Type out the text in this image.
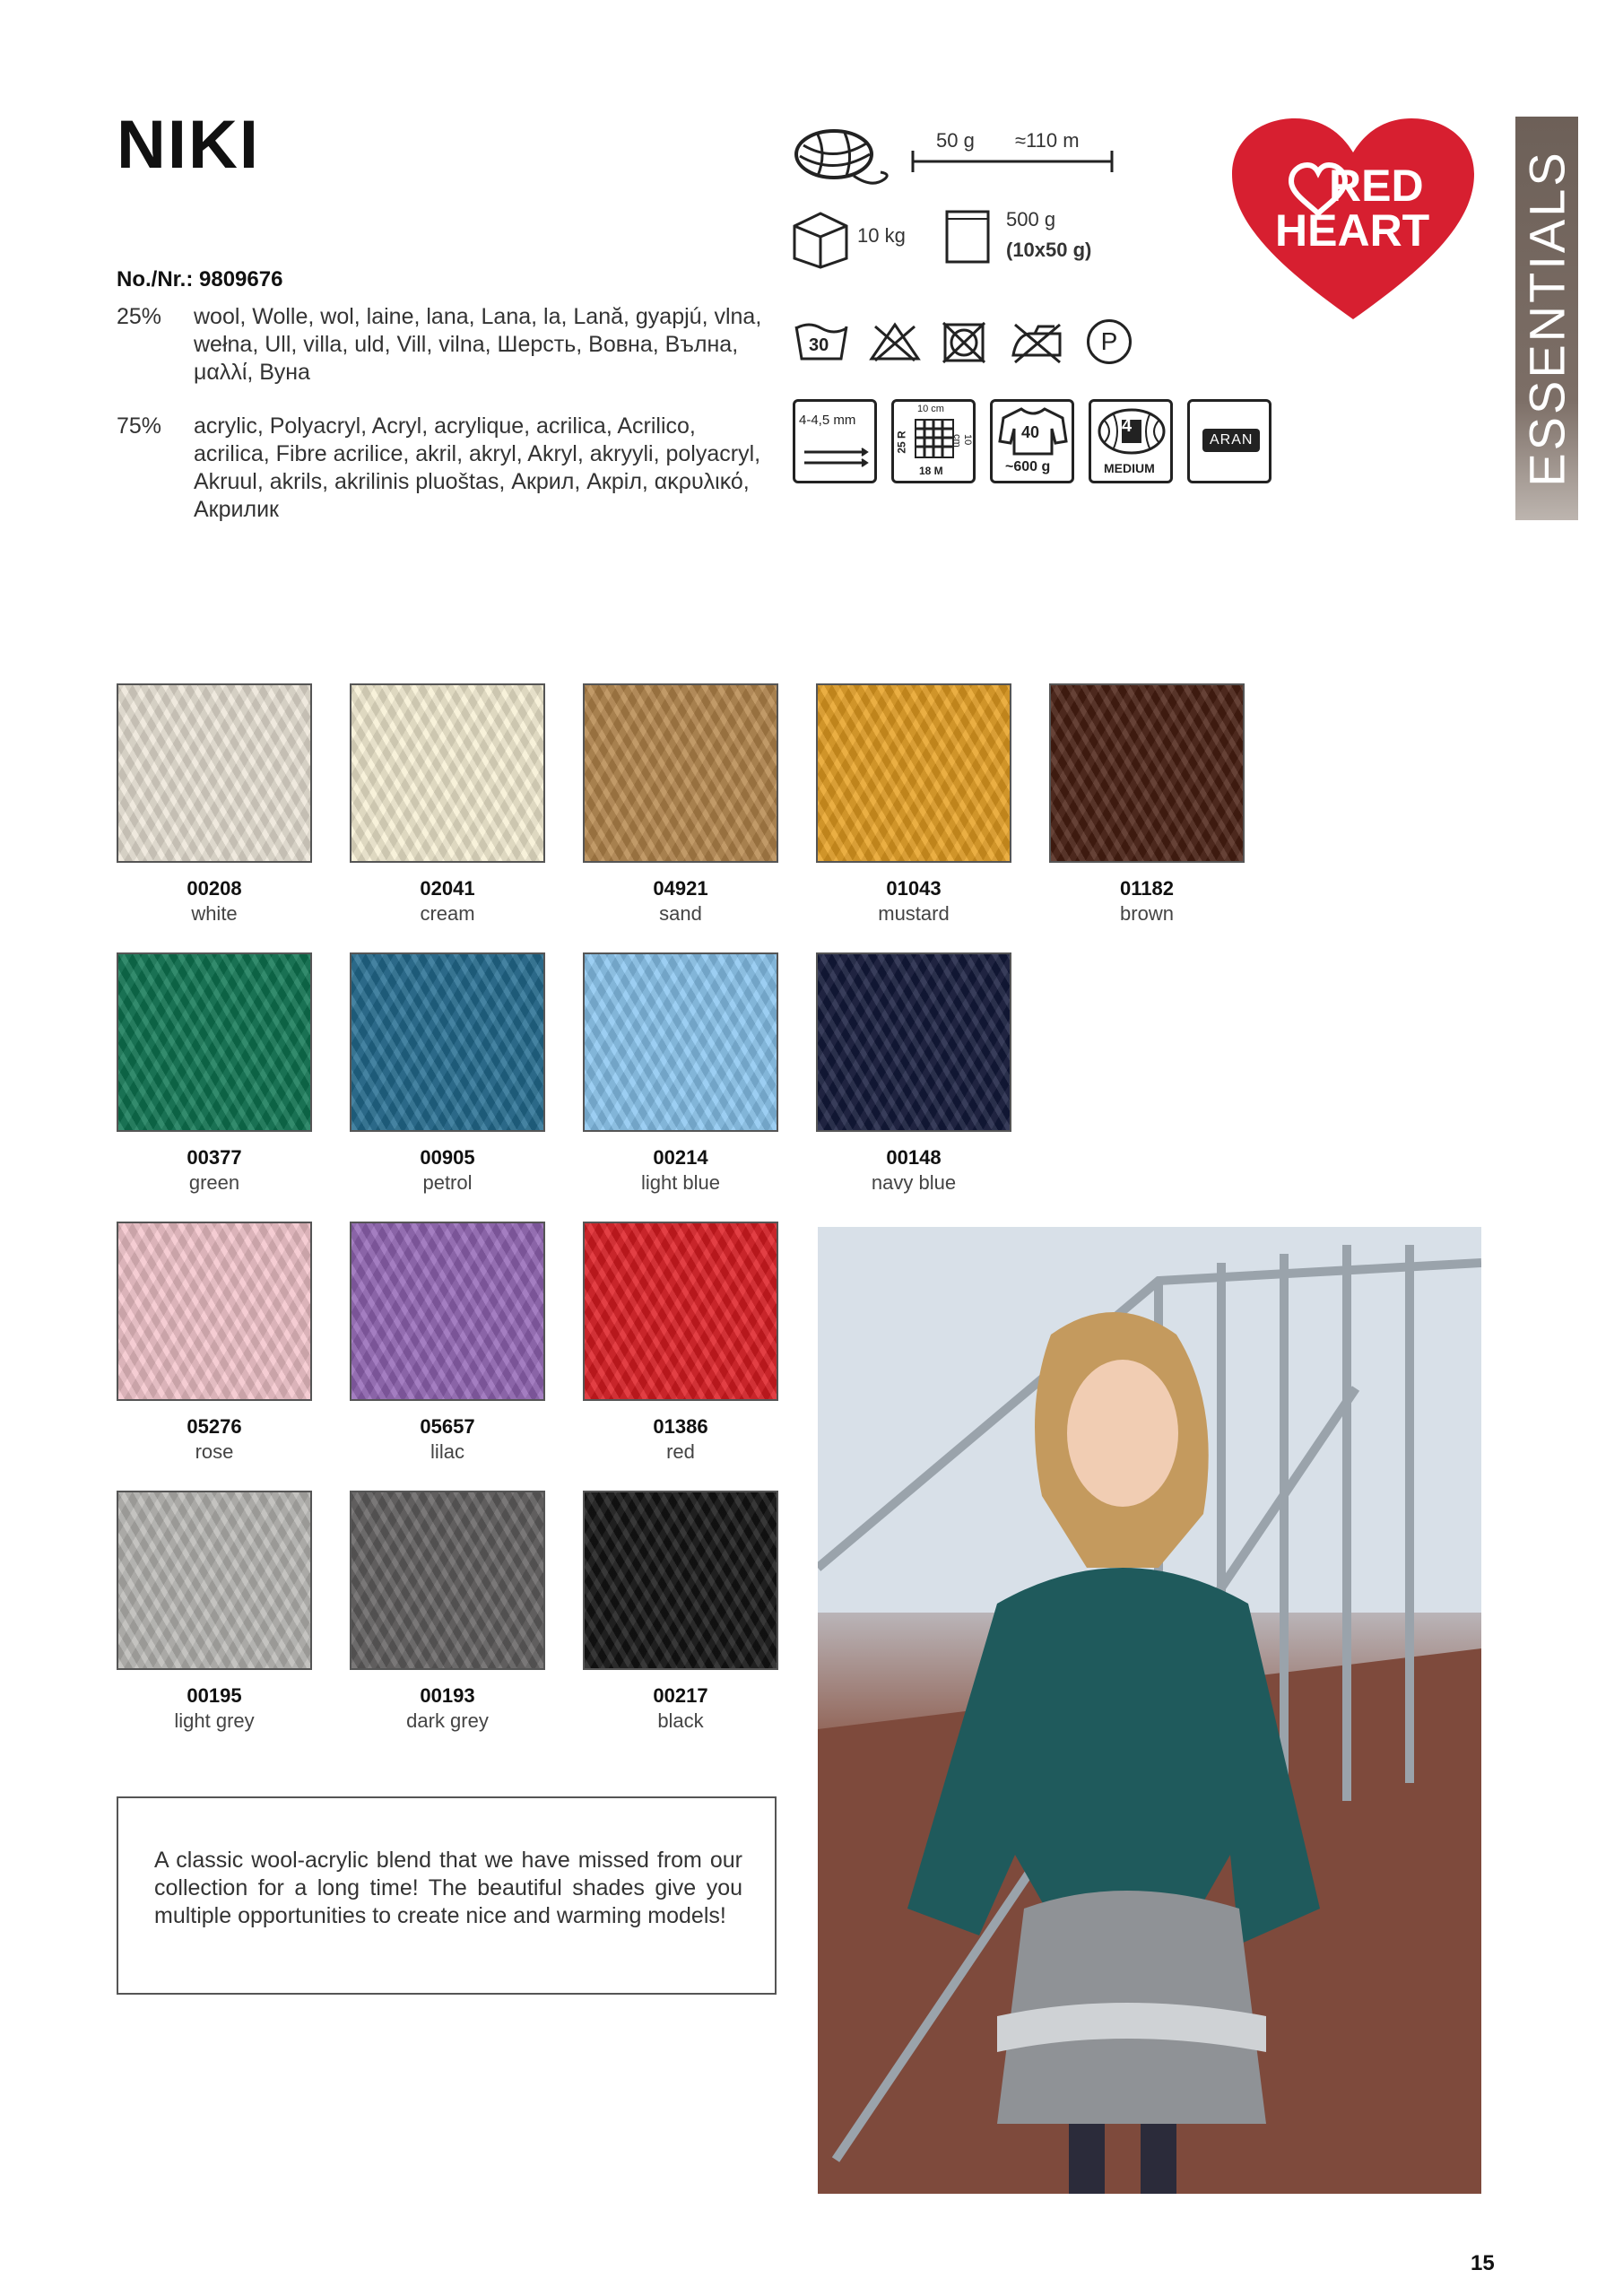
NIKI
No./Nr.: 9809676
25%	wool, Wolle, wol, laine, lana, Lana, la, Lană, gyapjú, vlna, wełna, Ull, villa, uld, Vill, vilna, Шерсть, Вовна, Вълна, μαλλί, Вуна
75%	acrylic, Polyacryl, Acryl, acrylique, acrilica, Acrilico, acrilica, Fibre acrilice, akril, akryl, Akryl, akryyli, polyacryl, Akruul, akrils, akrilinis pluoštas, Акрил, Акріл, ακρυλικό, Акрилик
50 g ≈110 m
10 kg
500 g
(10x50 g)
30	P
4-4,5 mm
10 cm
25 R	10 cm
18 M
40
~600 g
4
MEDIUM
ARAN
RED
HEART ESSENTIALS
00208
white
02041
cream
04921
sand
01043
mustard
01182
brown
00377
green
00905
petrol
00214
light blue
00148
navy blue
05276
rose
05657
lilac
01386
red
00195
light grey
00193
dark grey
00217
black

A classic wool-acrylic blend that we have missed from our collection for a long time! The beautiful shades give you multiple opportunities to create nice and warming models!

15
